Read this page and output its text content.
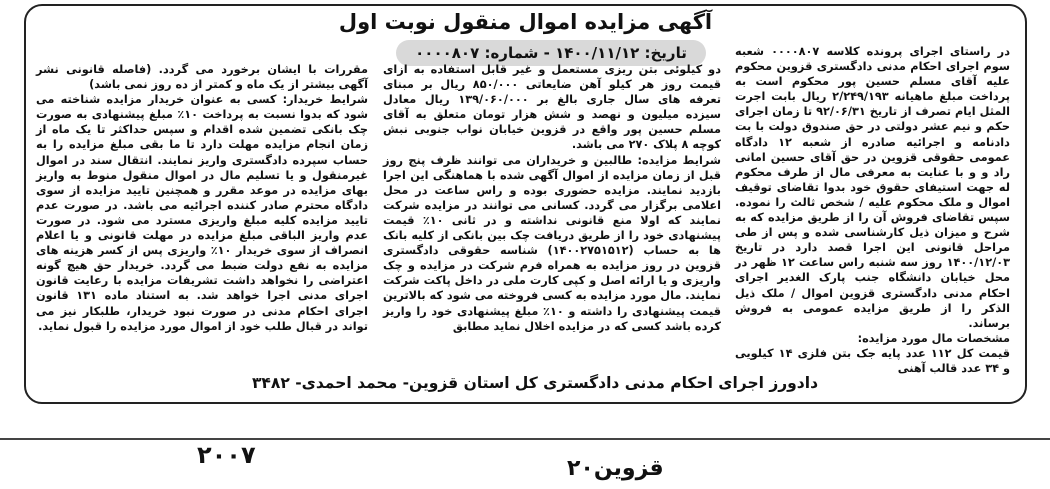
آگهی مزایده اموال منقول نوبت اول
تاریخ: ۱۴۰۰/۱۱/۱۲ - شماره: ۰۰۰۰۸۰۷	در راستای اجرای پرونده کلاسه ۰۰۰۰۸۰۷ شعبه سوم اجرای احکام مدنی دادگستری قزوین محکوم علیه آقای مسلم حسین پور محکوم است به پرداخت مبلغ ماهیانه ۲/۲۴۹/۱۹۳ ریال بابت اجرت المثل ایام تصرف از تاریخ ۹۲/۰۶/۳۱ تا زمان اجرای حکم و نیم عشر دولتی در حق صندوق دولت با بت دادنامه و اجرائیه صادره از شعبه ۱۲ دادگاه عمومی حقوقی قزوین در حق آقای حسین امانی راد و و با عنایت به معرفی مال از طرف محکوم له جهت استیفای حقوق خود بدوا تقاضای توقیف اموال و ملک محکوم علیه / شخص ثالث را نموده. سپس تقاضای فروش آن را از طریق مزایده که به شرح و میزان ذیل کارشناسی شده و پس از طی مراحل قانونی این اجرا قصد دارد در تاریخ ۱۴۰۰/۱۲/۰۳ روز سه شنبه راس ساعت ۱۲ ظهر در محل خیابان دانشگاه جنب پارک الغدیر اجرای احکام مدنی دادگستری قزوین اموال / ملک ذیل الذکر را از طریق مزایده عمومی به فروش برساند.

مشخصات مال مورد مزایده:

قیمت کل ۱۱۲ عدد پایه جک بتن فلزی ۱۴ کیلویی و ۳۴ عدد قالب آهنی

دو کیلوئی بتن ریزی مستعمل و غیر قابل استفاده به ازای قیمت روز هر کیلو آهن ضایعاتی ۸۵۰/۰۰۰ ریال بر مبنای تعرفه های سال جاری بالغ بر ۱۳۹/۰۶۰/۰۰۰ ریال معادل سیزده میلیون و نهصد و شش هزار تومان متعلق به آقای مسلم حسین پور واقع در قزوین خیابان نواب جنوبی نبش کوچه ۸ پلاک ۲۷۰ می باشد.

شرایط مزایده: طالبین و خریداران می توانند ظرف پنج روز قبل از زمان مزایده از اموال آگهی شده با هماهنگی این اجرا بازدید نمایند. مزایده حضوری بوده و راس ساعت در محل اعلامی برگزار می گردد. کسانی می توانند در مزایده شرکت نمایند که اولا منع قانونی نداشته و در ثانی ۱۰٪ قیمت پیشنهادی خود را از طریق دریافت چک بین بانکی از کلیه بانک ها به حساب (۱۴۰۰۲۷۵۱۵۱۲) شناسه حقوقی دادگستری قزوین در روز مزایده به همراه فرم شرکت در مزایده و چک واریزی و یا ارائه اصل و کپی کارت ملی در داخل پاکت شرکت نمایند. مال مورد مزایده به کسی فروخته می شود که بالاترین قیمت پیشنهادی را داشته و ۱۰٪ مبلغ پیشنهادی خود را واریز کرده باشد کسی که در مزایده اخلال نماید مطابق

مقررات با ایشان برخورد می گردد. (فاصله قانونی نشر آگهی بیشتر از یک ماه و کمتر از ده روز نمی باشد)

شرایط خریدار: کسی به عنوان خریدار مزایده شناخته می شود که بدوا نسبت به پرداخت ۱۰٪ مبلغ پیشنهادی به صورت چک بانکی تضمین شده اقدام و سپس حداکثر تا یک ماه از زمان انجام مزایده مهلت دارد تا ما بقی مبلغ مزایده را به حساب سپرده دادگستری واریز نمایند. انتقال سند در اموال غیرمنقول و یا تسلیم مال در اموال منقول منوط به واریز بهای مزایده در موعد مقرر و همچنین تایید مزایده از سوی دادگاه محترم صادر کننده اجرائیه می باشد. در صورت عدم تایید مزایده کلیه مبلغ واریزی مسترد می شود. در صورت عدم واریز الباقی مبلغ مزایده در مهلت قانونی و یا اعلام انصراف از سوی خریدار ۱۰٪ واریزی پس از کسر هزینه های مزایده به نفع دولت ضبط می گردد. خریدار حق هیچ گونه اعتراضی را نخواهد داشت تشریفات مزایده با رعایت قانون اجرای مدنی اجرا خواهد شد. به استناد ماده ۱۳۱ قانون اجرای احکام مدنی در صورت نبود خریدار، طلبکار نیز می تواند در قبال طلب خود از اموال مورد مزایده را قبول نماید.

دادورز اجرای احکام مدنی دادگستری کل استان قزوین- محمد احمدی- ۳۴۸۲
۲۰۰۷	قزوین۲۰
